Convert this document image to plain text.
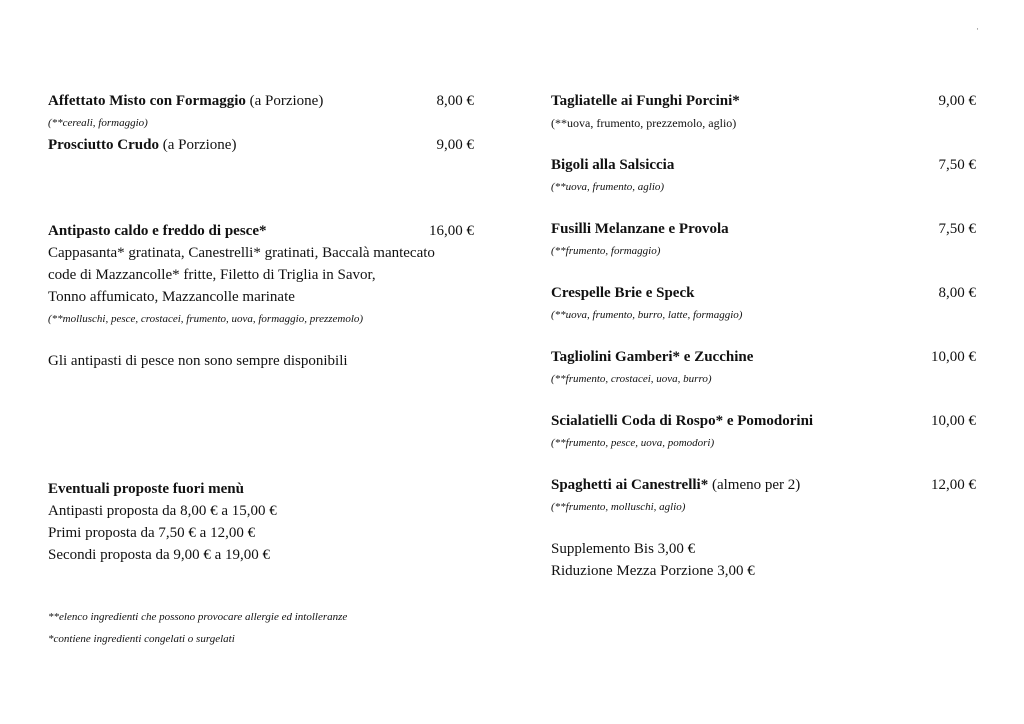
·
Affettato Misto con Formaggio (a Porzione)	8,00 €
(**cereali, formaggio)
Prosciutto Crudo (a Porzione)	9,00 €
Antipasto caldo e freddo di pesce*	16,00 €
Cappasanta* gratinata, Canestrelli* gratinati, Baccalà mantecato
code di Mazzancolle* fritte, Filetto di Triglia in Savor,
Tonno affumicato, Mazzancolle marinate
(**molluschi, pesce, crostacei, frumento, uova, formaggio, prezzemolo)
Gli antipasti di pesce non sono sempre disponibili
Eventuali proposte fuori menù
Antipasti proposta da 8,00 € a 15,00 €
Primi proposta da 7,50 € a 12,00 €
Secondi proposta da 9,00 € a 19,00 €
**elenco ingredienti che possono provocare allergie ed intolleranze
*contiene ingredienti congelati o surgelati
Tagliatelle ai Funghi Porcini*	9,00 €
(**uova, frumento, prezzemolo, aglio)
Bigoli alla Salsiccia	7,50 €
(**uova, frumento, aglio)
Fusilli Melanzane e Provola	7,50 €
(**frumento, formaggio)
Crespelle Brie e Speck	8,00 €
(**uova, frumento, burro, latte, formaggio)
Tagliolini Gamberi* e Zucchine	10,00 €
(**frumento, crostacei, uova, burro)
Scialatielli Coda di Rospo* e Pomodorini	10,00 €
(**frumento, pesce, uova, pomodori)
Spaghetti ai Canestrelli* (almeno per 2)	12,00 €
(**frumento, molluschi, aglio)
Supplemento Bis 3,00 €
Riduzione Mezza Porzione 3,00 €
